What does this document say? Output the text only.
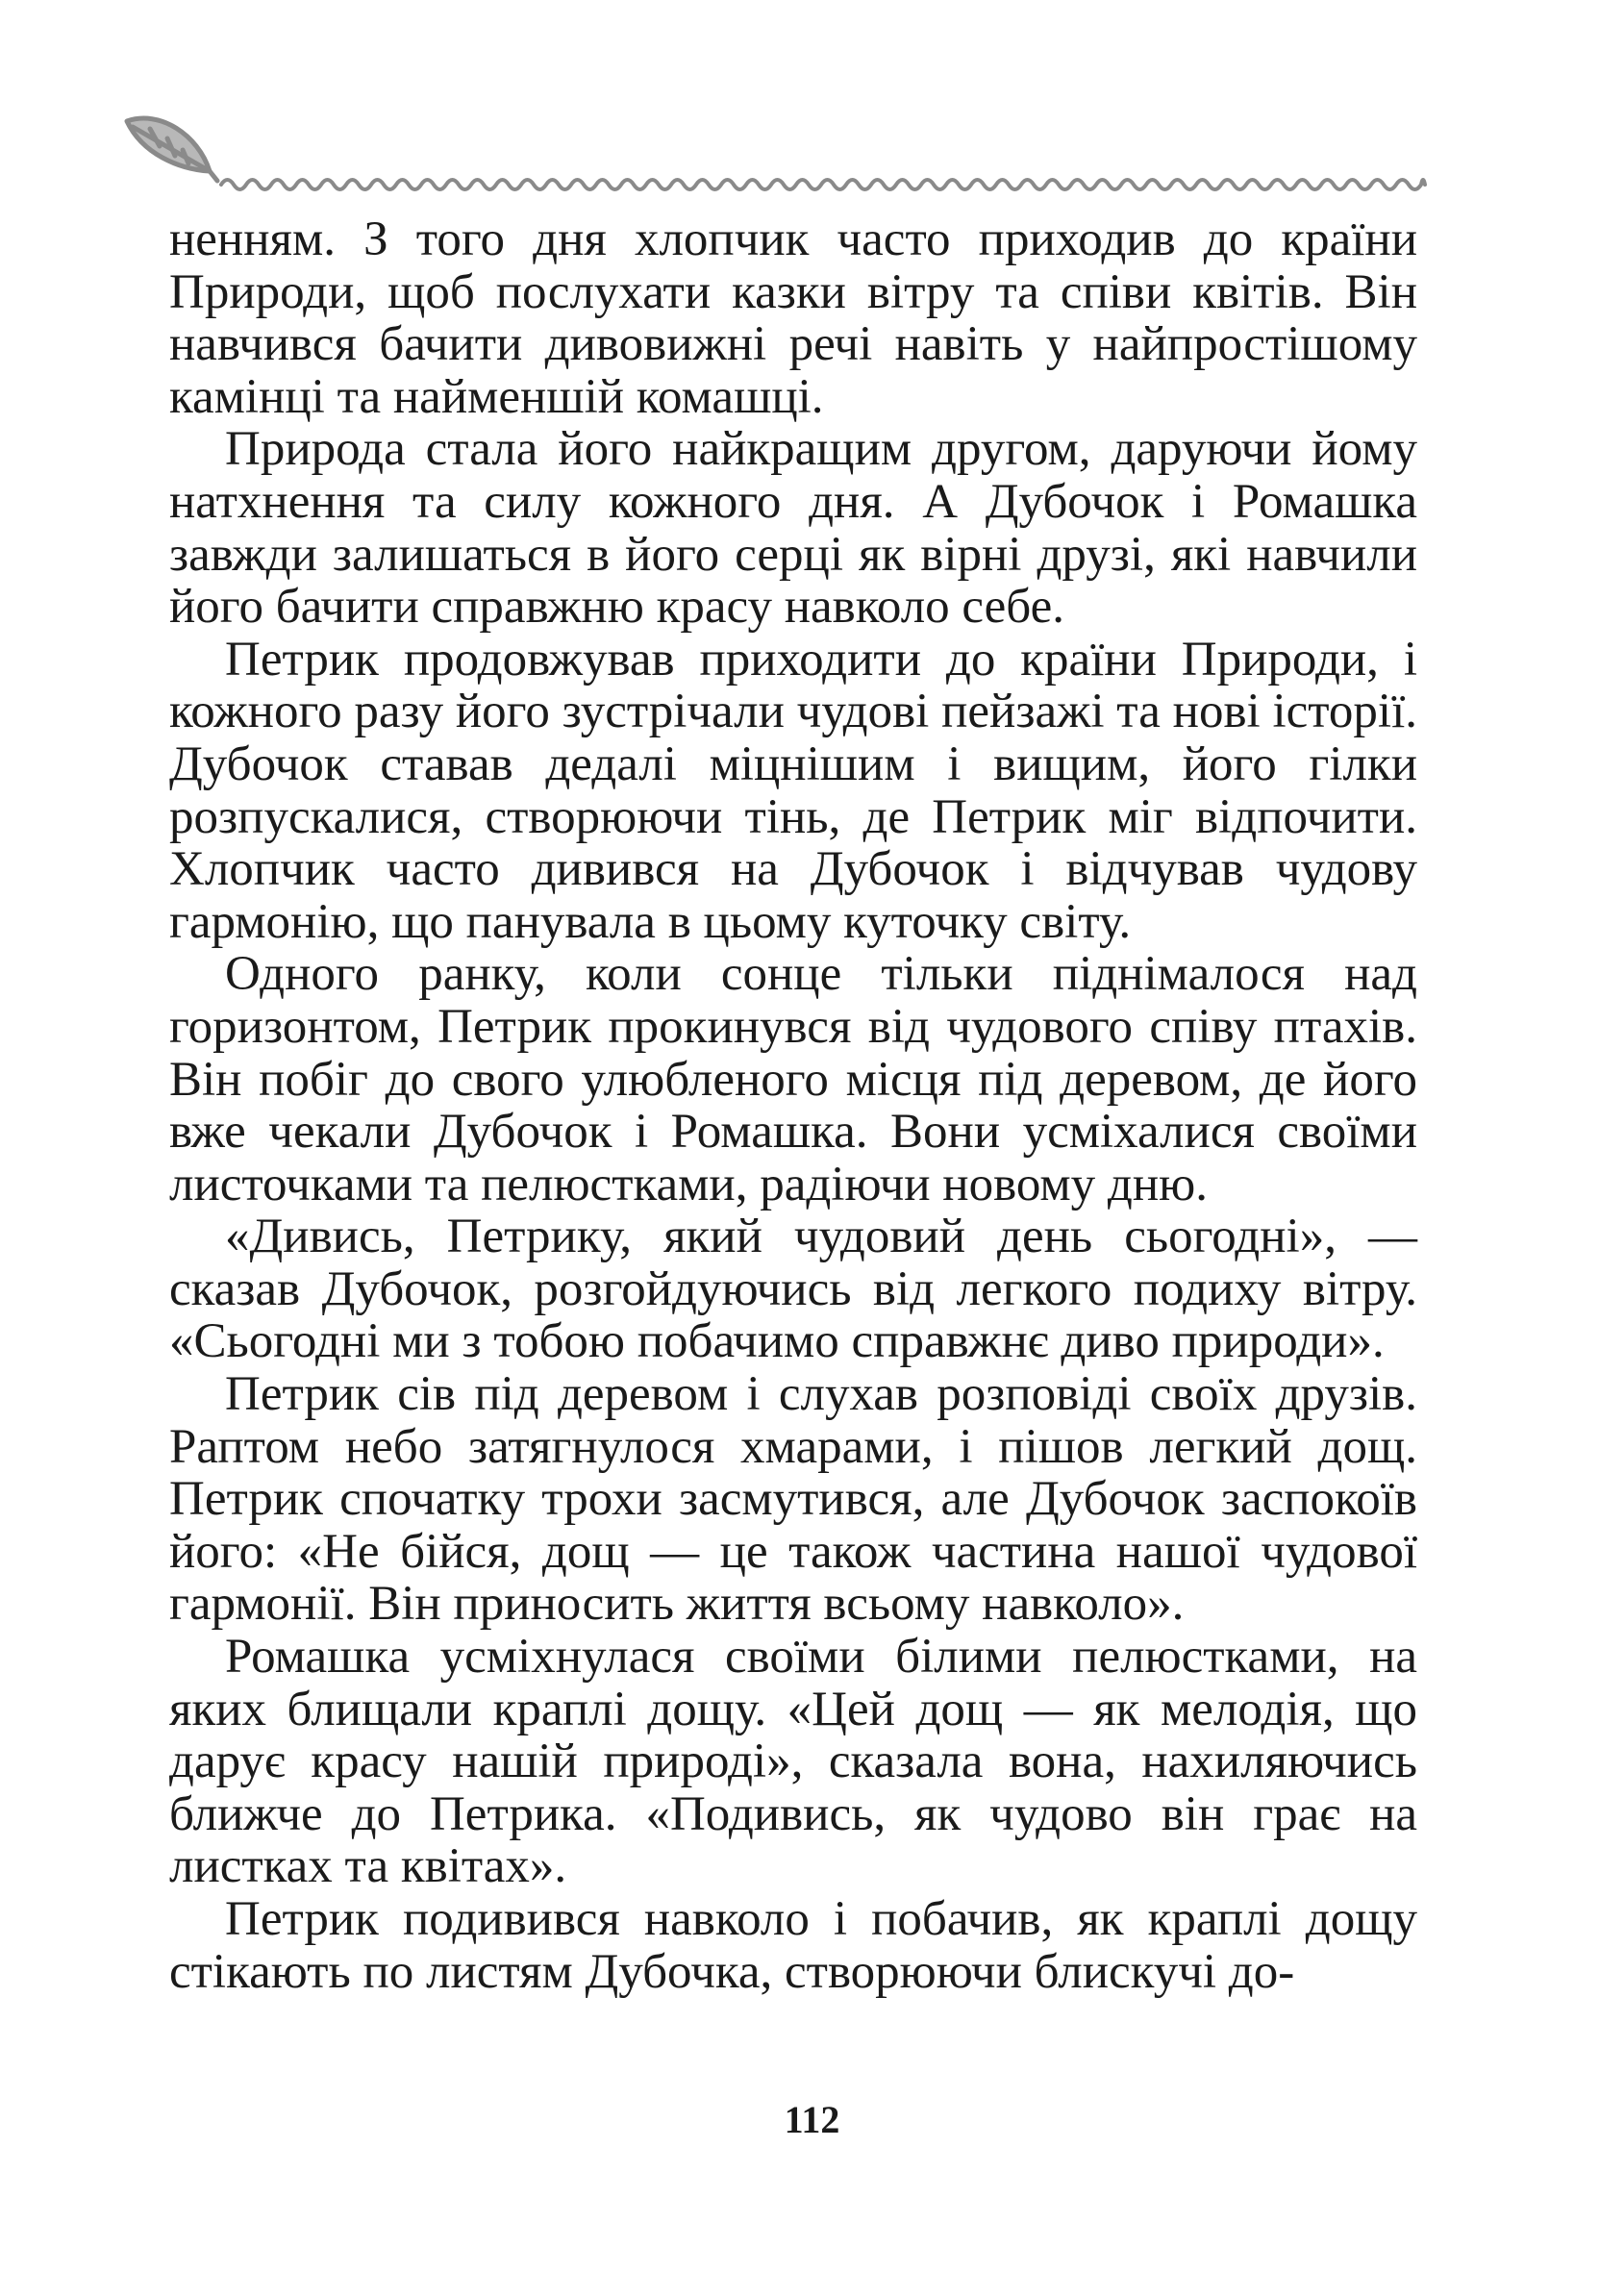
ненням. З того дня хлопчик часто приходив до країни Природи, щоб послухати казки вітру та співи квітів. Він навчився бачити дивовижні речі навіть у найпростішому камінці та найменшій комашці.

Природа стала його найкращим другом, даруючи йому натхнення та силу кожного дня. А Дубочок і Ромашка завжди залишаться в його серці як вірні друзі, які навчили його бачити справжню красу навколо себе.

Петрик продовжував приходити до країни Природи, і кожного разу його зустрічали чудові пейзажі та нові історії. Дубочок ставав дедалі міцнішим і вищим, його гілки розпускалися, створюючи тінь, де Петрик міг відпочити. Хлопчик часто дивився на Дубочок і відчував чудову гармонію, що панувала в цьому куточку світу.

Одного ранку, коли сонце тільки піднімалося над горизонтом, Петрик прокинувся від чудового співу птахів. Він побіг до свого улюбленого місця під деревом, де його вже чекали Дубочок і Ромашка. Вони усміхалися своїми листочками та пелюстками, радіючи новому дню.

«Дивись, Петрику, який чудовий день сьогодні», — сказав Дубочок, розгойдуючись від легкого подиху вітру. «Сьогодні ми з тобою побачимо справжнє диво природи».

Петрик сів під деревом і слухав розповіді своїх друзів. Раптом небо затягнулося хмарами, і пішов легкий дощ. Петрик спочатку трохи засмутився, але Дубочок заспокоїв його: «Не бійся, дощ — це також частина нашої чудової гармонії. Він приносить життя всьому навколо».

Ромашка усміхнулася своїми білими пелюстками, на яких блищали краплі дощу. «Цей дощ — як мелодія, що дарує красу нашій природі», сказала вона, нахиляючись ближче до Петрика. «Подивись, як чудово він грає на листках та квітах».

Петрик подивився навколо і побачив, як краплі дощу стікають по листям Дубочка, створюючи блискучі до-

112
